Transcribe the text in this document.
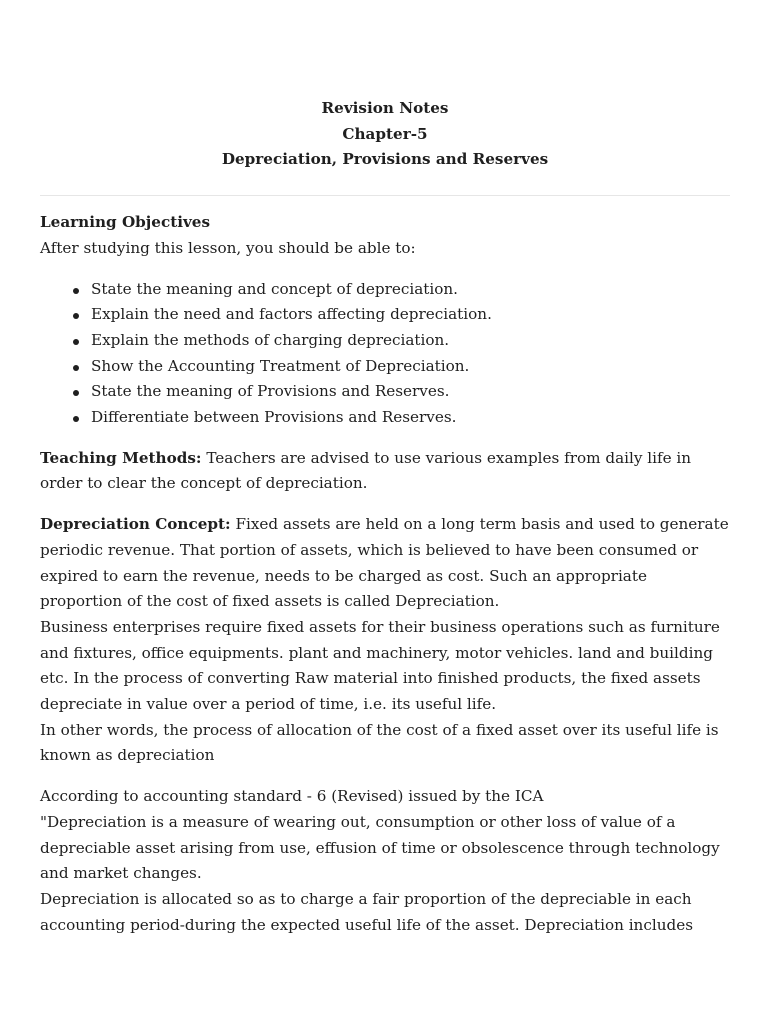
Revision Notes
Chapter-5
Depreciation, Provisions and Reserves

Learning Objectives

After studying this lesson, you should be able to:

State the meaning and concept of depreciation.
Explain the need and factors affecting depreciation.
Explain the methods of charging depreciation.
Show the Accounting Treatment of Depreciation.
State the meaning of Provisions and Reserves.
Differentiate between Provisions and Reserves.

Teaching Methods: Teachers are advised to use various examples from daily life in order to clear the concept of depreciation.

Depreciation Concept: Fixed assets are held on a long term basis and used to generate periodic revenue. That portion of assets, which is believed to have been consumed or expired to earn the revenue, needs to be charged as cost. Such an appropriate proportion of the cost of fixed assets is called Depreciation.

Business enterprises require fixed assets for their business operations such as furniture and fixtures, office equipments. plant and machinery, motor vehicles. land and building etc. In the process of converting Raw material into finished products, the fixed assets depreciate in value over a period of time, i.e. its useful life.

In other words, the process of allocation of the cost of a fixed asset over its useful life is known as depreciation

According to accounting standard - 6 (Revised) issued by the ICA

"Depreciation is a measure of wearing out, consumption or other loss of value of a depreciable asset arising from use, effusion of time or obsolescence through technology and market changes.

Depreciation is allocated so as to charge a fair proportion of the depreciable in each accounting period-during the expected useful life of the asset. Depreciation includes
